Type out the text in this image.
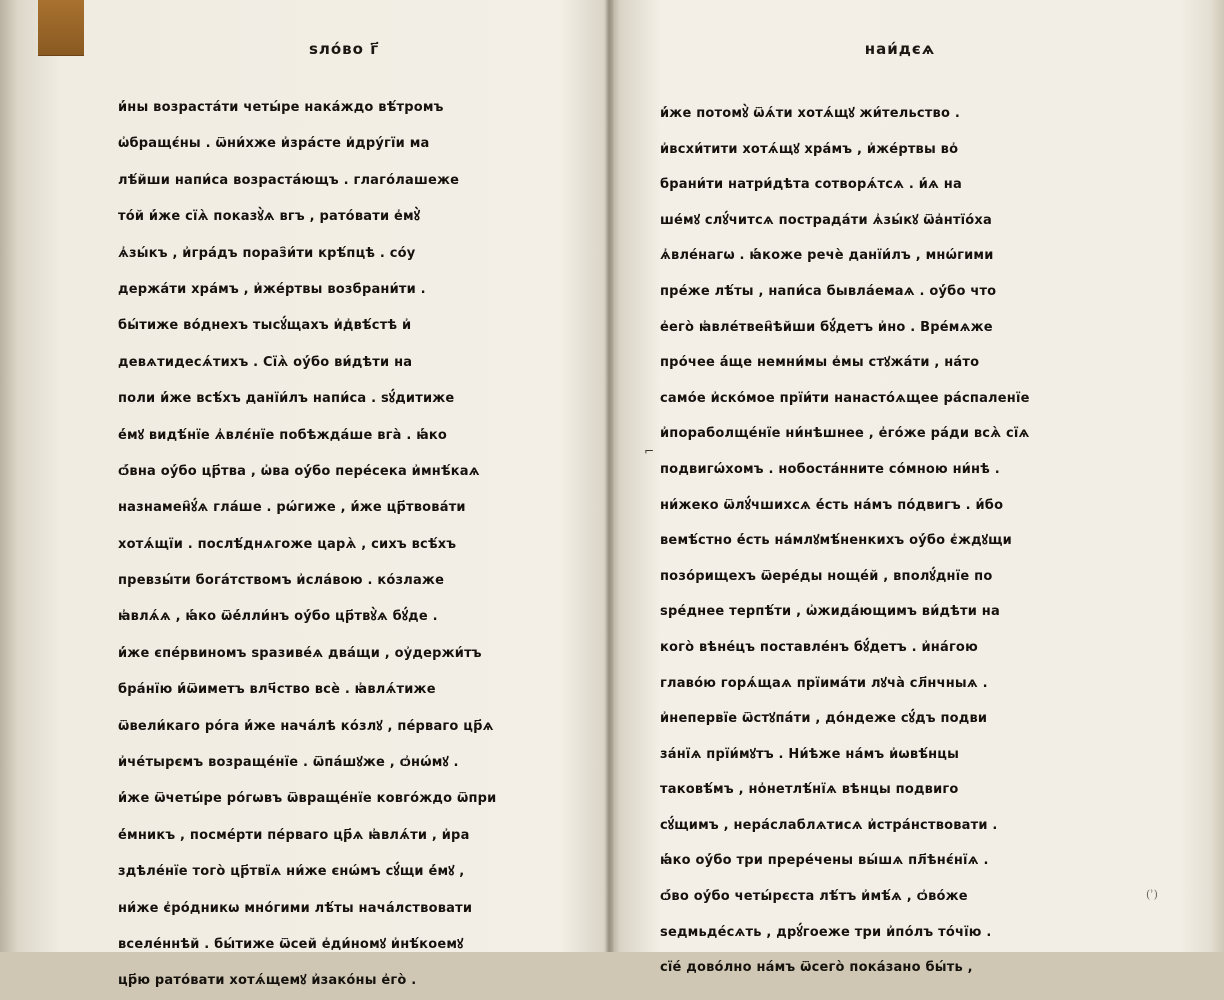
ѕло́во г҃
и҆́ны возраста́ти четы́ре нака́ждо вѣ́тромъ
ѡ҆бращє́ны . ѿни́хже и҆зра́сте и҆дру́гїи ма
лѣ́йши напи́са возраста́ющъ . глаго́лашеже
то́й и҆́же сїѧ̀ показꙋ̀ѧ вгъ , рато́вати е҆мꙋ̀
ѧ҆зы́къ , и҆гра́дъ пораз҄и́ти крѣ́пцѣ . со́у
держа́ти хра́мъ , и҆же́ртвы возбрани́ти .
бы́тиже во́днехъ тысꙋ́щахъ и҆д҆вѣ́стѣ и҆
девѧтидесѧ́тихъ . Сїѧ̀ оу҆́бо ви́дѣти на
поли и҆́же всѣ́хъ данїи́лъ напи́са . ѕꙋ́дитиже
е҆́мꙋ видѣ́нїе ѧ҆влє́нїе побѣжда́ше вга̀ . ꙗ҆́ко
ѻ҆́вна оу҆́бо цр҃тва , ѡ҆ва оу҆́бо пере́сека и҆мнѣ́каѧ
назнамен҄ꙋ́ѧ гла́ше . рѡ́гиже , и҆́же цр҃твова́ти
хотѧ́щїи . послѣ́днѧгоже царѧ̀ , сихъ всѣ́хъ
превзы́ти бога́тствомъ и҆сла́вою . ко́злаже
ꙗ҆влѧ́ѧ , ꙗ҆́ко ѿе҆́лли́нъ оу҆́бо цр҃твꙋ̀ѧ бꙋ́де .
и҆́же єпе́рвиномъ ѕразиве́ѧ два́щи , оу҆держи́тъ
бра́нїю и҆́ѿиметъ влч҃ство всѐ . ꙗ҆влѧ́тиже
ѿвели́каго ро́га и҆́же нача́лѣ ко́злꙋ , пе́рваго цр҃ѧ
и҆че́тырємъ возраще́нїе . ѿпа́шꙋже , ѻ҆нѡ́мꙋ .
и҆́же ѿчеты́ре ро́гѡвъ ѿвраще́нїе ковго́ждо ѿпри
е҆́мникъ , посме́рти пе́рваго цр҃ѧ ꙗ҆влѧ́ти , и҆ра
здѣле́нїе того̀ цр҃твїѧ ни́же єнѡ́мъ сꙋ́щи е҆́мꙋ ,
ни́же є҆ро́дникѡ мно́гими лѣ́ты нача́лствовати
вселе́ннѣй . бы́тиже ѿсей е҆ди́номꙋ и҆нѣ́коемꙋ
цр҃ю рато́вати хотѧ́щемꙋ и҆зако́ны е҆го̀ .
⌐
наи́дєѧ
и҆́же потомꙋ̀ ѿѧ́ти хотѧ́щꙋ жи́тельство .
и҆всхи́тити хотѧ́щꙋ хра́мъ , и҆же́ртвы во҆
брани́ти натри́дѣта сотворѧ́тсѧ . и҆́ѧ на
ше́мꙋ слꙋ́читсѧ пострада́ти ѧ҆зы́кꙋ ѿа҆нтїо́ха
ѧ҆вле́нагѡ . ꙗ҆́коже речѐ данїи́лъ , мнѡ́гими
пре́же лѣ́ты , напи́са бывла́емаѧ . оу҆́бо что
е҆его̀ ꙗ҆вле́твен҄ѣйши бꙋ́детъ и҆но . Вре́мѧже
про́чее а҆́ще немни́мы е҆мы стꙋжа́ти , на́то
само́е и҆ско́мое прїи́ти нанасто́ѧщее ра́спаленїе
и҆пораболще́нїе ни́нѣшнее , е҆го́же ра́ди всѧ̀ сїѧ
подвигѡ́хомъ . нобоста́нните со́мною ни́нѣ .
ни́жеко ѿлꙋ́чшихсѧ е҆́сть на́мъ по́двигъ . и҆́бо
вемѣ́стно е҆́сть на́млꙋмѣ́ненкихъ оу҆́бо є҆ждꙋщи
позо́рищехъ ѿере́ды ноще́й , вполꙋ́днїе по
ѕре́днее терпѣ́ти , ѡ҆жида́ющимъ ви́дѣти на
кого̀ вѣне́цъ поставле́нъ бꙋ́детъ . и҆на́гою
главо́ю горѧ́щаѧ прїима́ти лꙋча̀ сл҃нчныѧ .
и҆непервїе ѿстꙋпа́ти , до́ндеже сꙋ́дъ подви
за́нїѧ прїи́мꙋтъ . Ни́ѣже на́мъ и҆ѡвѣ́нцы
таковѣ́мъ , но҆нетлѣ́нїѧ вѣнцы подвиго
сꙋ́щимъ , нера́слаблѧтисѧ и҆стра́нствовати .
ꙗ҆́ко оу҆́бо три прере́чены вы́шѧ пл҃ѣнє́нїѧ .
ѻ҆́во оу҆́бо четы́рєста лѣ́тъ и҆мѣ́ѧ , ѻ҆во́же
ѕедмьде́сѧть , дрꙋ́гоеже три и҆по́лъ то́чїю .
сїе́ дово́лно на́мъ ѿсего̀ пока́зано бы́ть ,
(ʾ)
